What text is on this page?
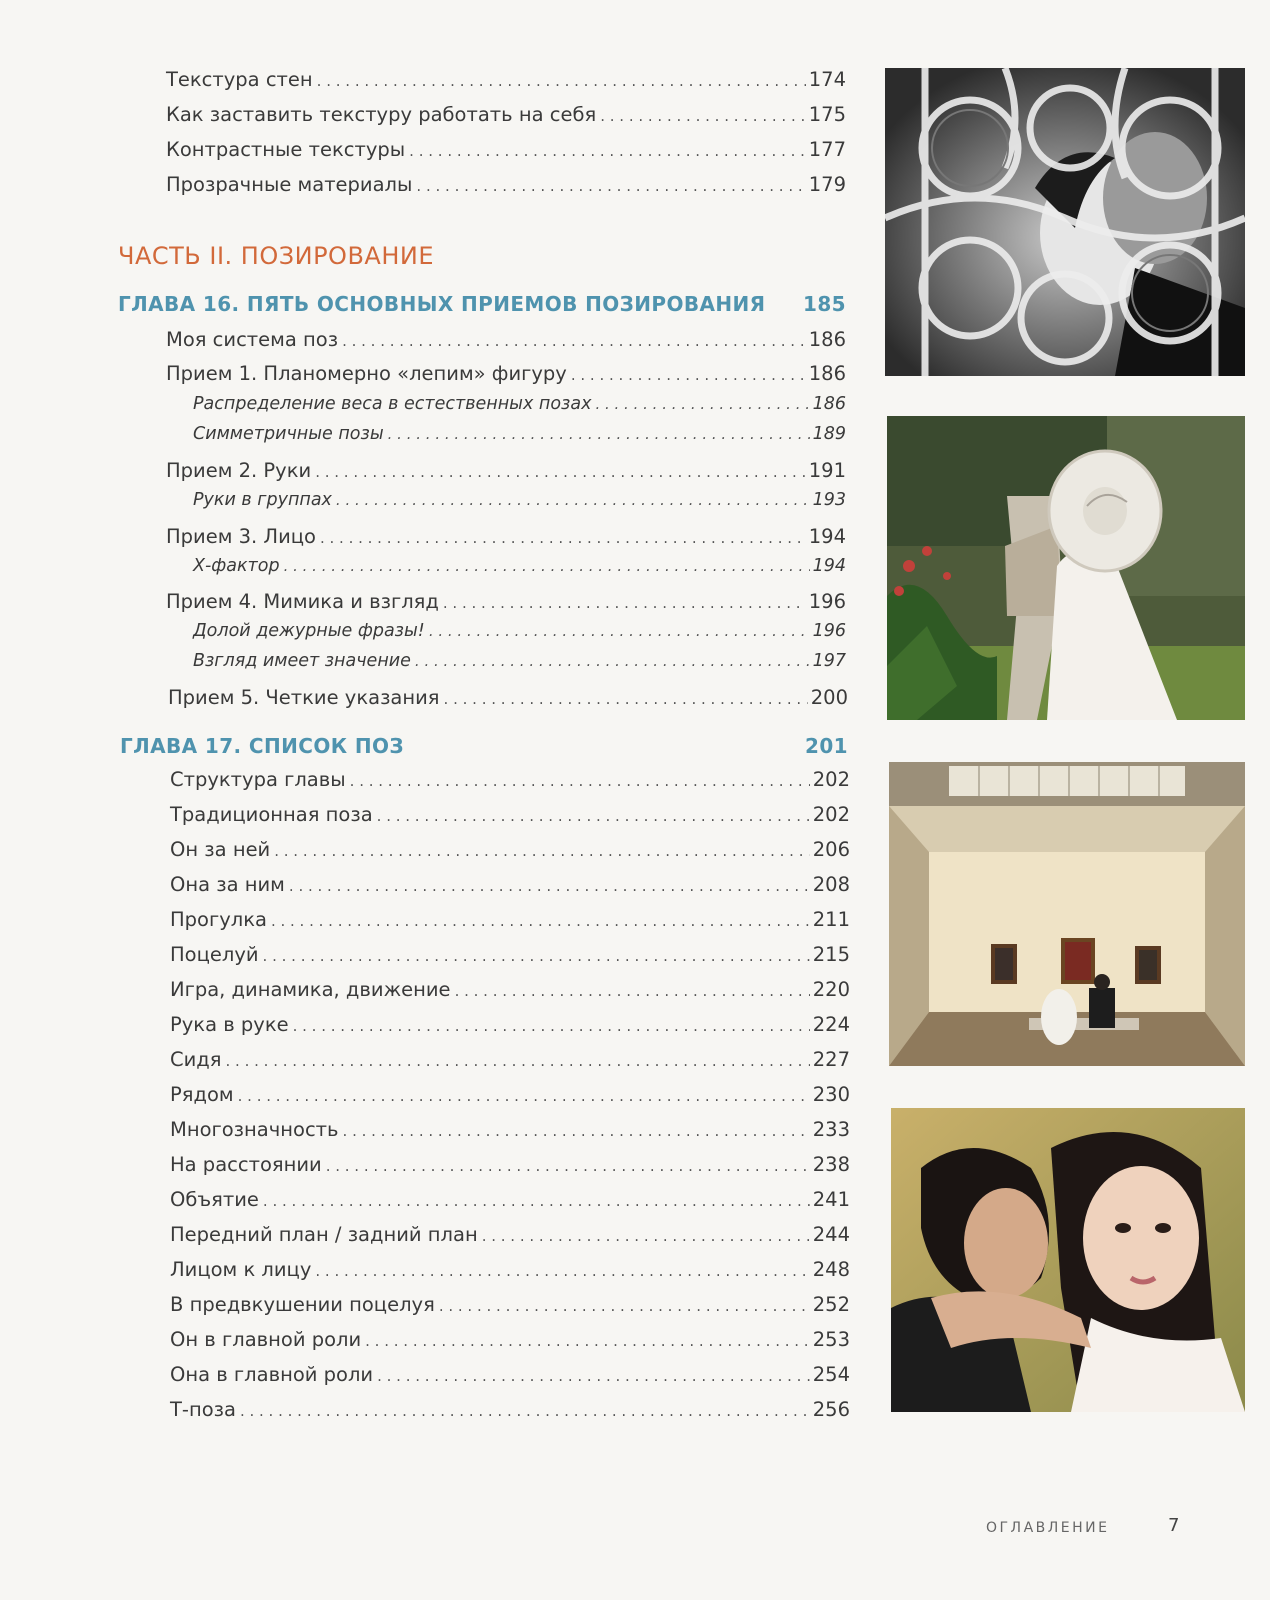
Текстура стен . . .	174
Как заставить текстуру работать на себя . . .	175
Контрастные текстуры . . .	177
Прозрачные материалы . . .	179
ЧАСТЬ II. ПОЗИРОВАНИЕ
ГЛАВА 16. ПЯТЬ ОСНОВНЫХ ПРИЕМОВ ПОЗИРОВАНИЯ 185
Моя система поз . . .	186
Прием 1. Планомерно «лепим» фигуру . . .	186
Распределение веса в естественных позах . . .	186
Симметричные позы . . .	189
Прием 2. Руки . . .	191
Руки в группах . . .	193
Прием 3. Лицо . . .	194
Х-фактор . . .	194
Прием 4. Мимика и взгляд . . .	196
Долой дежурные фразы! . . .	196
Взгляд имеет значение . . .	197
Прием 5. Четкие указания . . .	200
ГЛАВА 17. СПИСОК ПОЗ	201
Структура главы . . .	202
Традиционная поза . . .	202
Он за ней . . .	206
Она за ним . . .	208
Прогулка . . .	211
Поцелуй . . .	215
Игра, динамика, движение . . .	220
Рука в руке . . .	224
Сидя . . .	227
Рядом . . .	230
Многозначность . . .	233
На расстоянии . . .	238
Объятие . . .	241
Передний план / задний план . . .	244
Лицом к лицу . . .	248
В предвкушении поцелуя . . .	252
Он в главной роли . . .	253
Она в главной роли . . .	254
Т-поза . . .	256
ОГЛАВЛЕНИЕ	7
